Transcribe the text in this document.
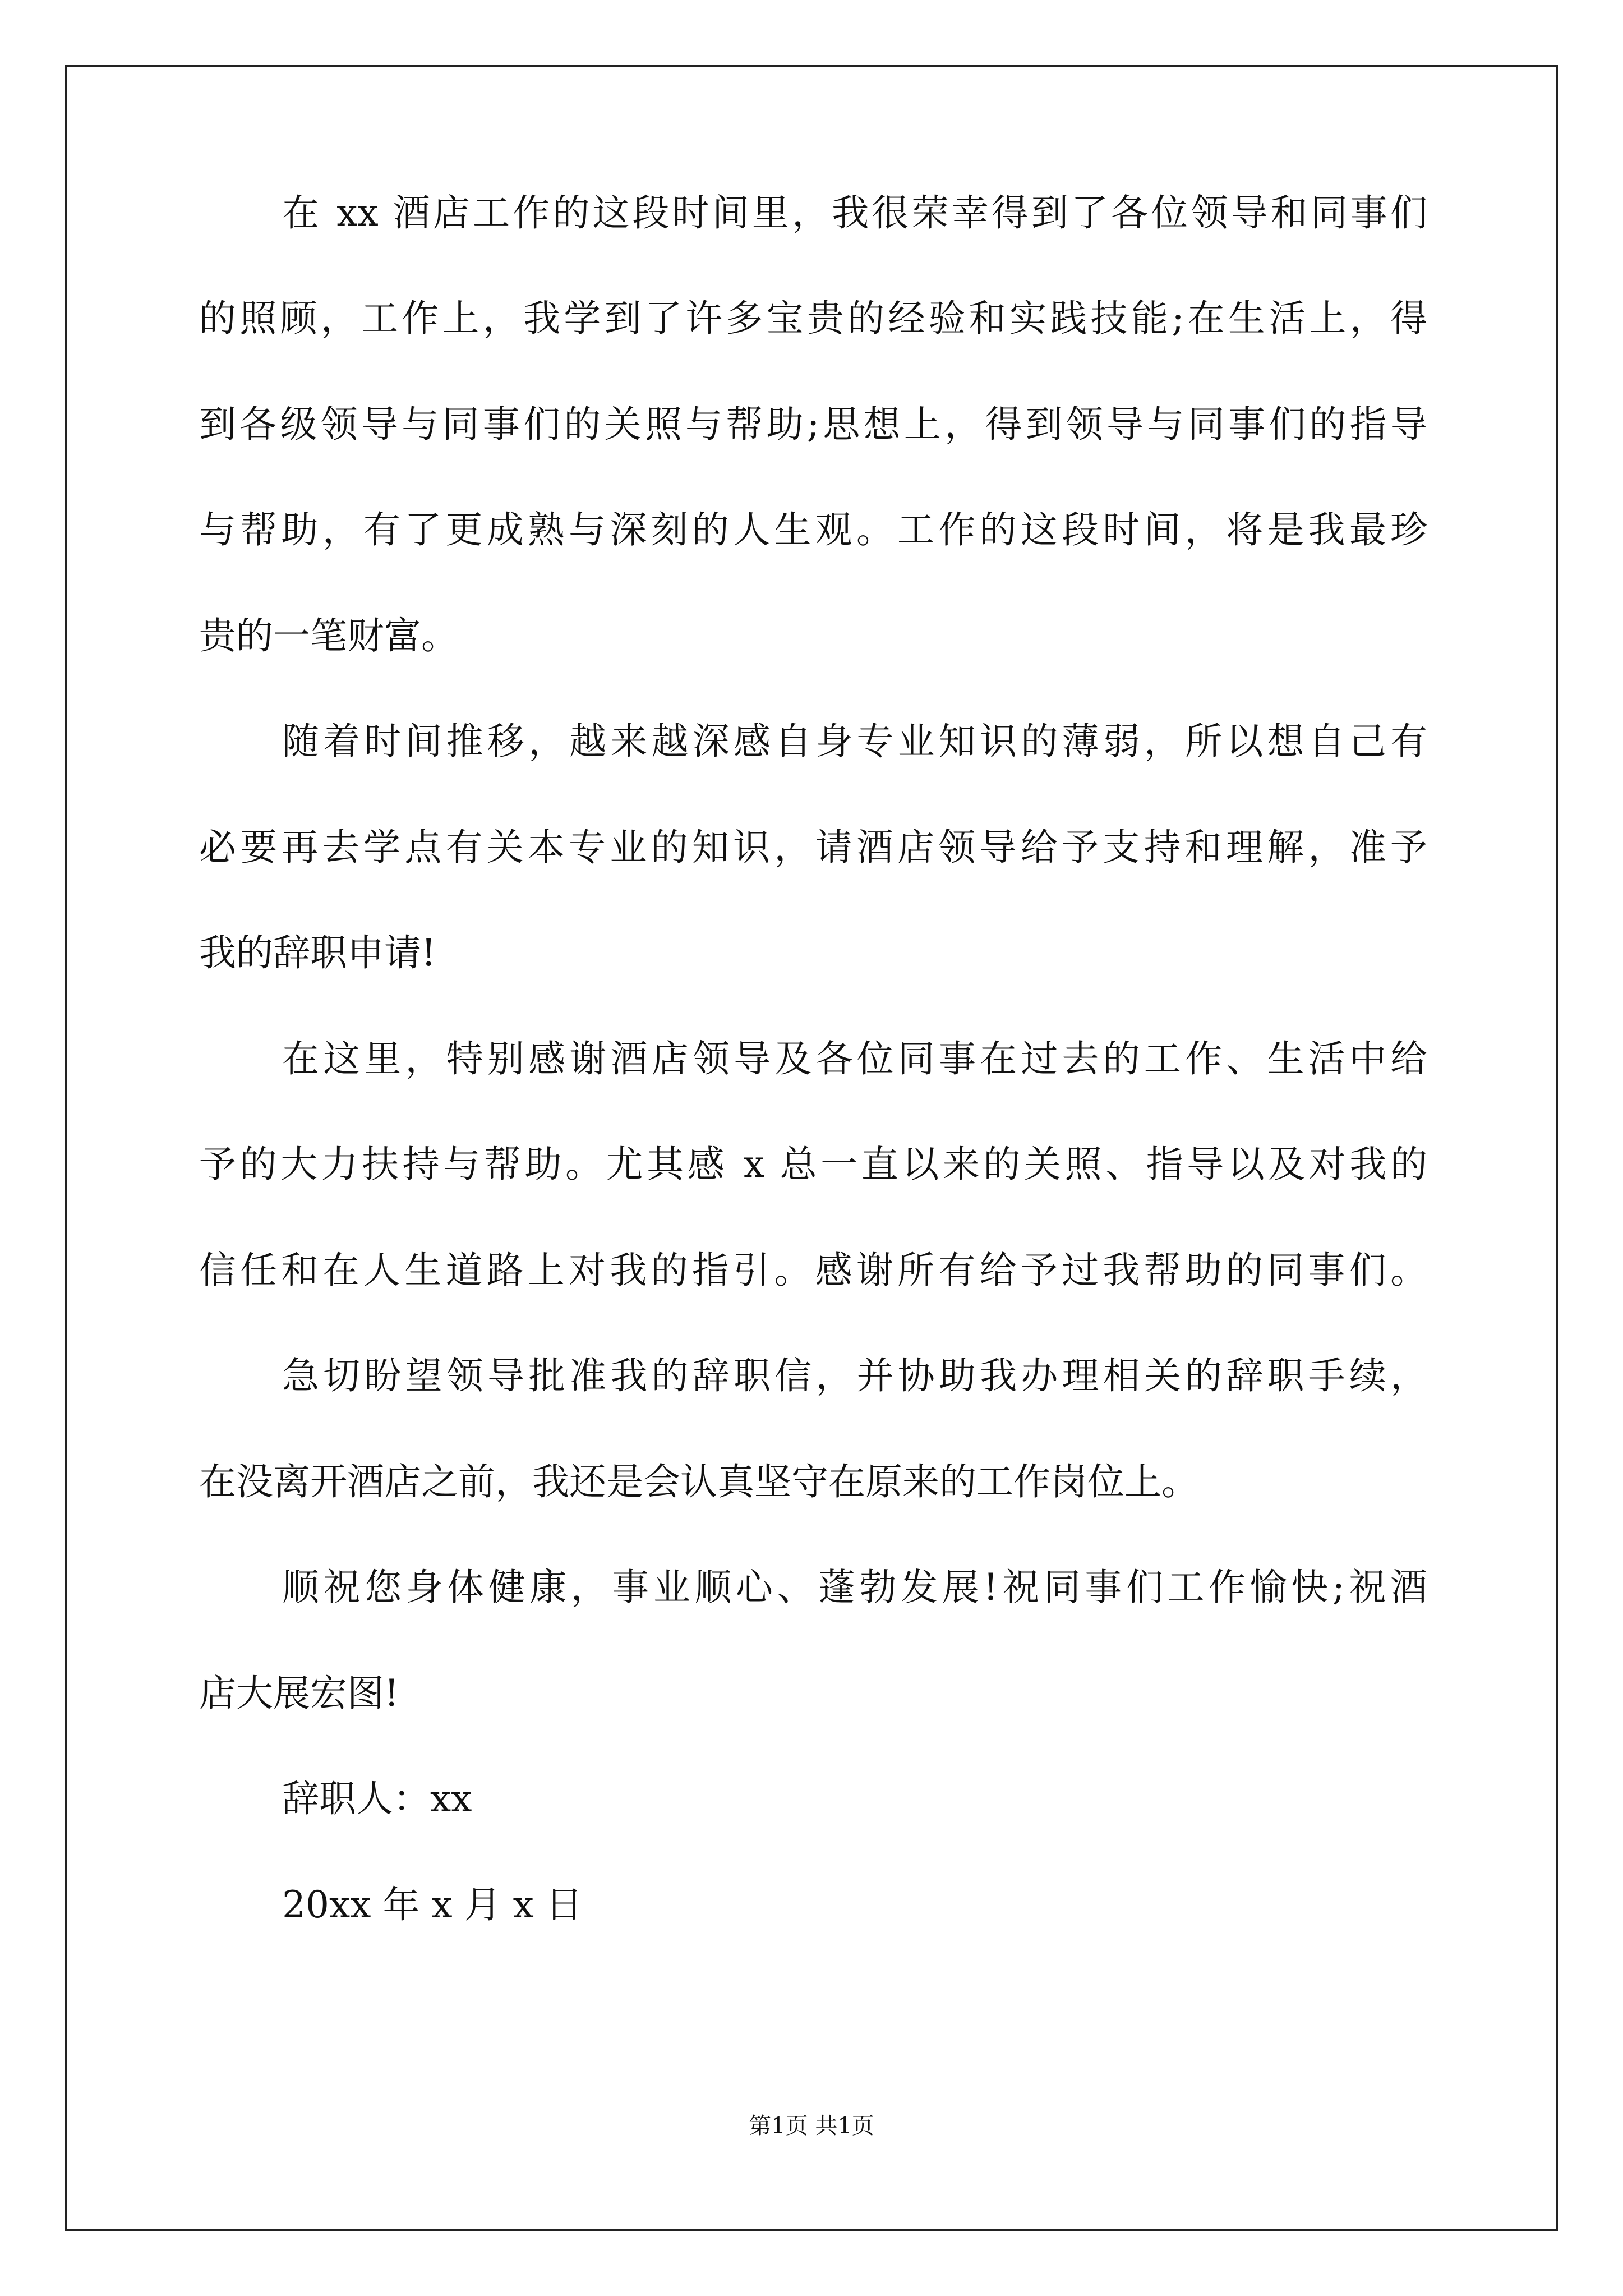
在 xx 酒店工作的这段时间里，我很荣幸得到了各位领导和同事们
的照顾，工作上，我学到了许多宝贵的经验和实践技能;在生活上，得
到各级领导与同事们的关照与帮助;思想上，得到领导与同事们的指导
与帮助，有了更成熟与深刻的人生观。工作的这段时间，将是我最珍
贵的一笔财富。
随着时间推移，越来越深感自身专业知识的薄弱，所以想自己有
必要再去学点有关本专业的知识，请酒店领导给予支持和理解，准予
我的辞职申请!
在这里，特别感谢酒店领导及各位同事在过去的工作、生活中给
予的大力扶持与帮助。尤其感 x 总一直以来的关照、指导以及对我的
信任和在人生道路上对我的指引。感谢所有给予过我帮助的同事们。
急切盼望领导批准我的辞职信，并协助我办理相关的辞职手续，
在没离开酒店之前，我还是会认真坚守在原来的工作岗位上。
顺祝您身体健康，事业顺心、蓬勃发展!祝同事们工作愉快;祝酒
店大展宏图!
辞职人：xx
20xx 年 x 月 x 日
第1页 共1页
